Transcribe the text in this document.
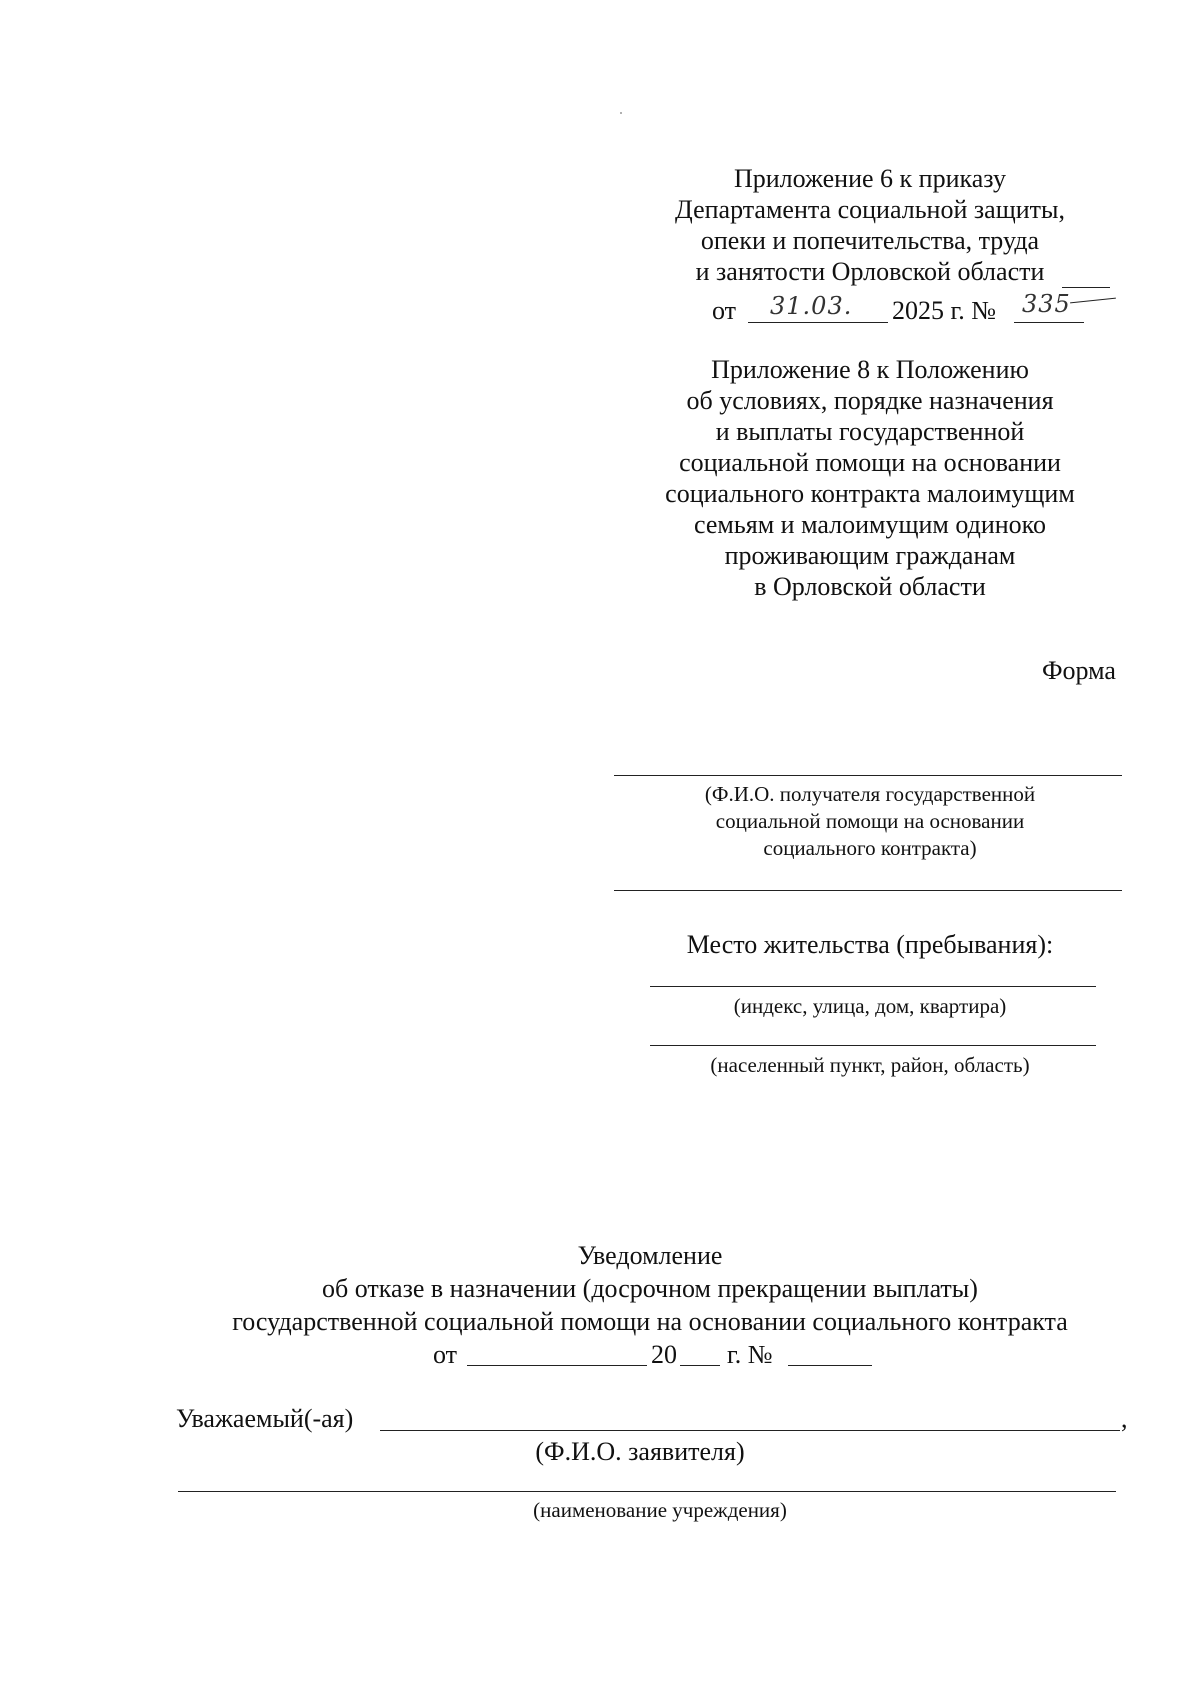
Приложение 6 к приказу
Департамента социальной защиты,
опеки и попечительства, труда
и занятости Орловской области
от 31.03. 2025 г. № 335
Приложение 8 к Положению
об условиях, порядке назначения
и выплаты государственной
социальной помощи на основании
социального контракта малоимущим
семьям и малоимущим одиноко
проживающим гражданам
в Орловской области
Форма
(Ф.И.О. получателя государственной
социальной помощи на основании
социального контракта)
Место жительства (пребывания):
(индекс, улица, дом, квартира)
(населенный пункт, район, область)
Уведомление
об отказе в назначении (досрочном прекращении выплаты)
государственной социальной помощи на основании социального контракта
от	20 г. №
Уважаемый(-ая)	,
(Ф.И.О. заявителя)
(наименование учреждения)
